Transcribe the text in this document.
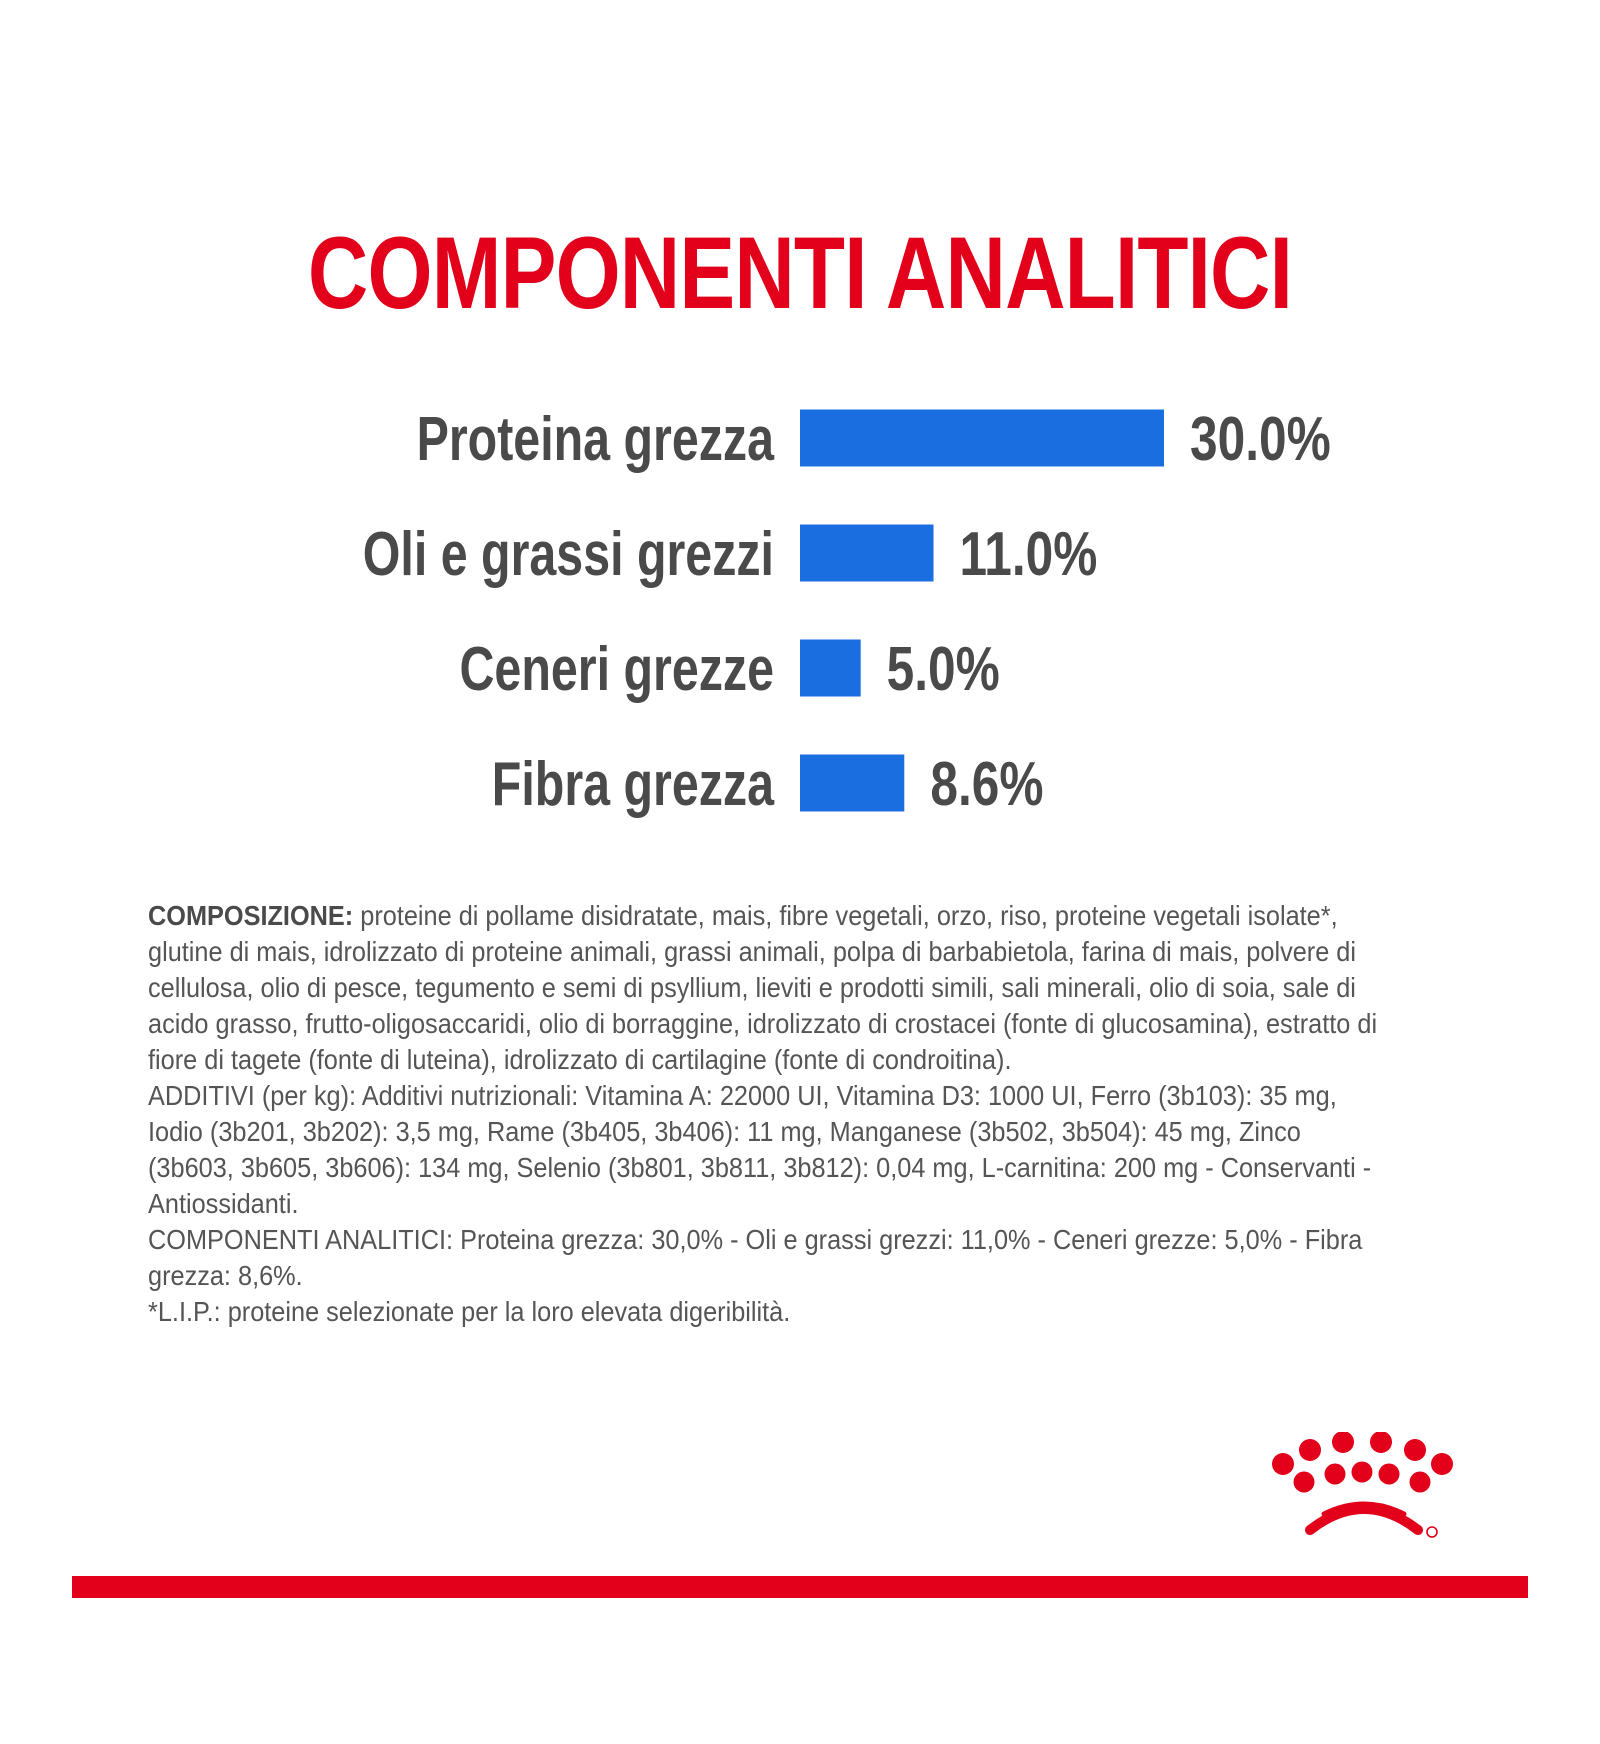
COMPONENTI ANALITICI
Proteina grezza	30.0%
Oli e grassi grezzi	11.0%
Ceneri grezze 5.0%
Fibra grezza	8.6%

COMPOSIZIONE: proteine di pollame disidratate, mais, fibre vegetali, orzo, riso, proteine vegetali isolate*, glutine di mais, idrolizzato di proteine animali, grassi animali, polpa di barbabietola, farina di mais, polvere di cellulosa, olio di pesce, tegumento e semi di psyllium, lieviti e prodotti simili, sali minerali, olio di soia, sale di acido grasso, frutto-oligosaccaridi, olio di borraggine, idrolizzato di crostacei (fonte di glucosamina), estratto di fiore di tagete (fonte di luteina), idrolizzato di cartilagine (fonte di condroitina).

ADDITIVI (per kg): Additivi nutrizionali: Vitamina A: 22000 UI, Vitamina D3: 1000 UI, Ferro (3b103): 35 mg, Iodio (3b201, 3b202): 3,5 mg, Rame (3b405, 3b406): 11 mg, Manganese (3b502, 3b504): 45 mg, Zinco (3b603, 3b605, 3b606): 134 mg, Selenio (3b801, 3b811, 3b812): 0,04 mg, L-carnitina: 200 mg - Conservanti - Antiossidanti.

COMPONENTI ANALITICI: Proteina grezza: 30,0% - Oli e grassi grezzi: 11,0% - Ceneri grezze: 5,0% - Fibra grezza: 8,6%.

*L.I.P.: proteine selezionate per la loro elevata digeribilità.
